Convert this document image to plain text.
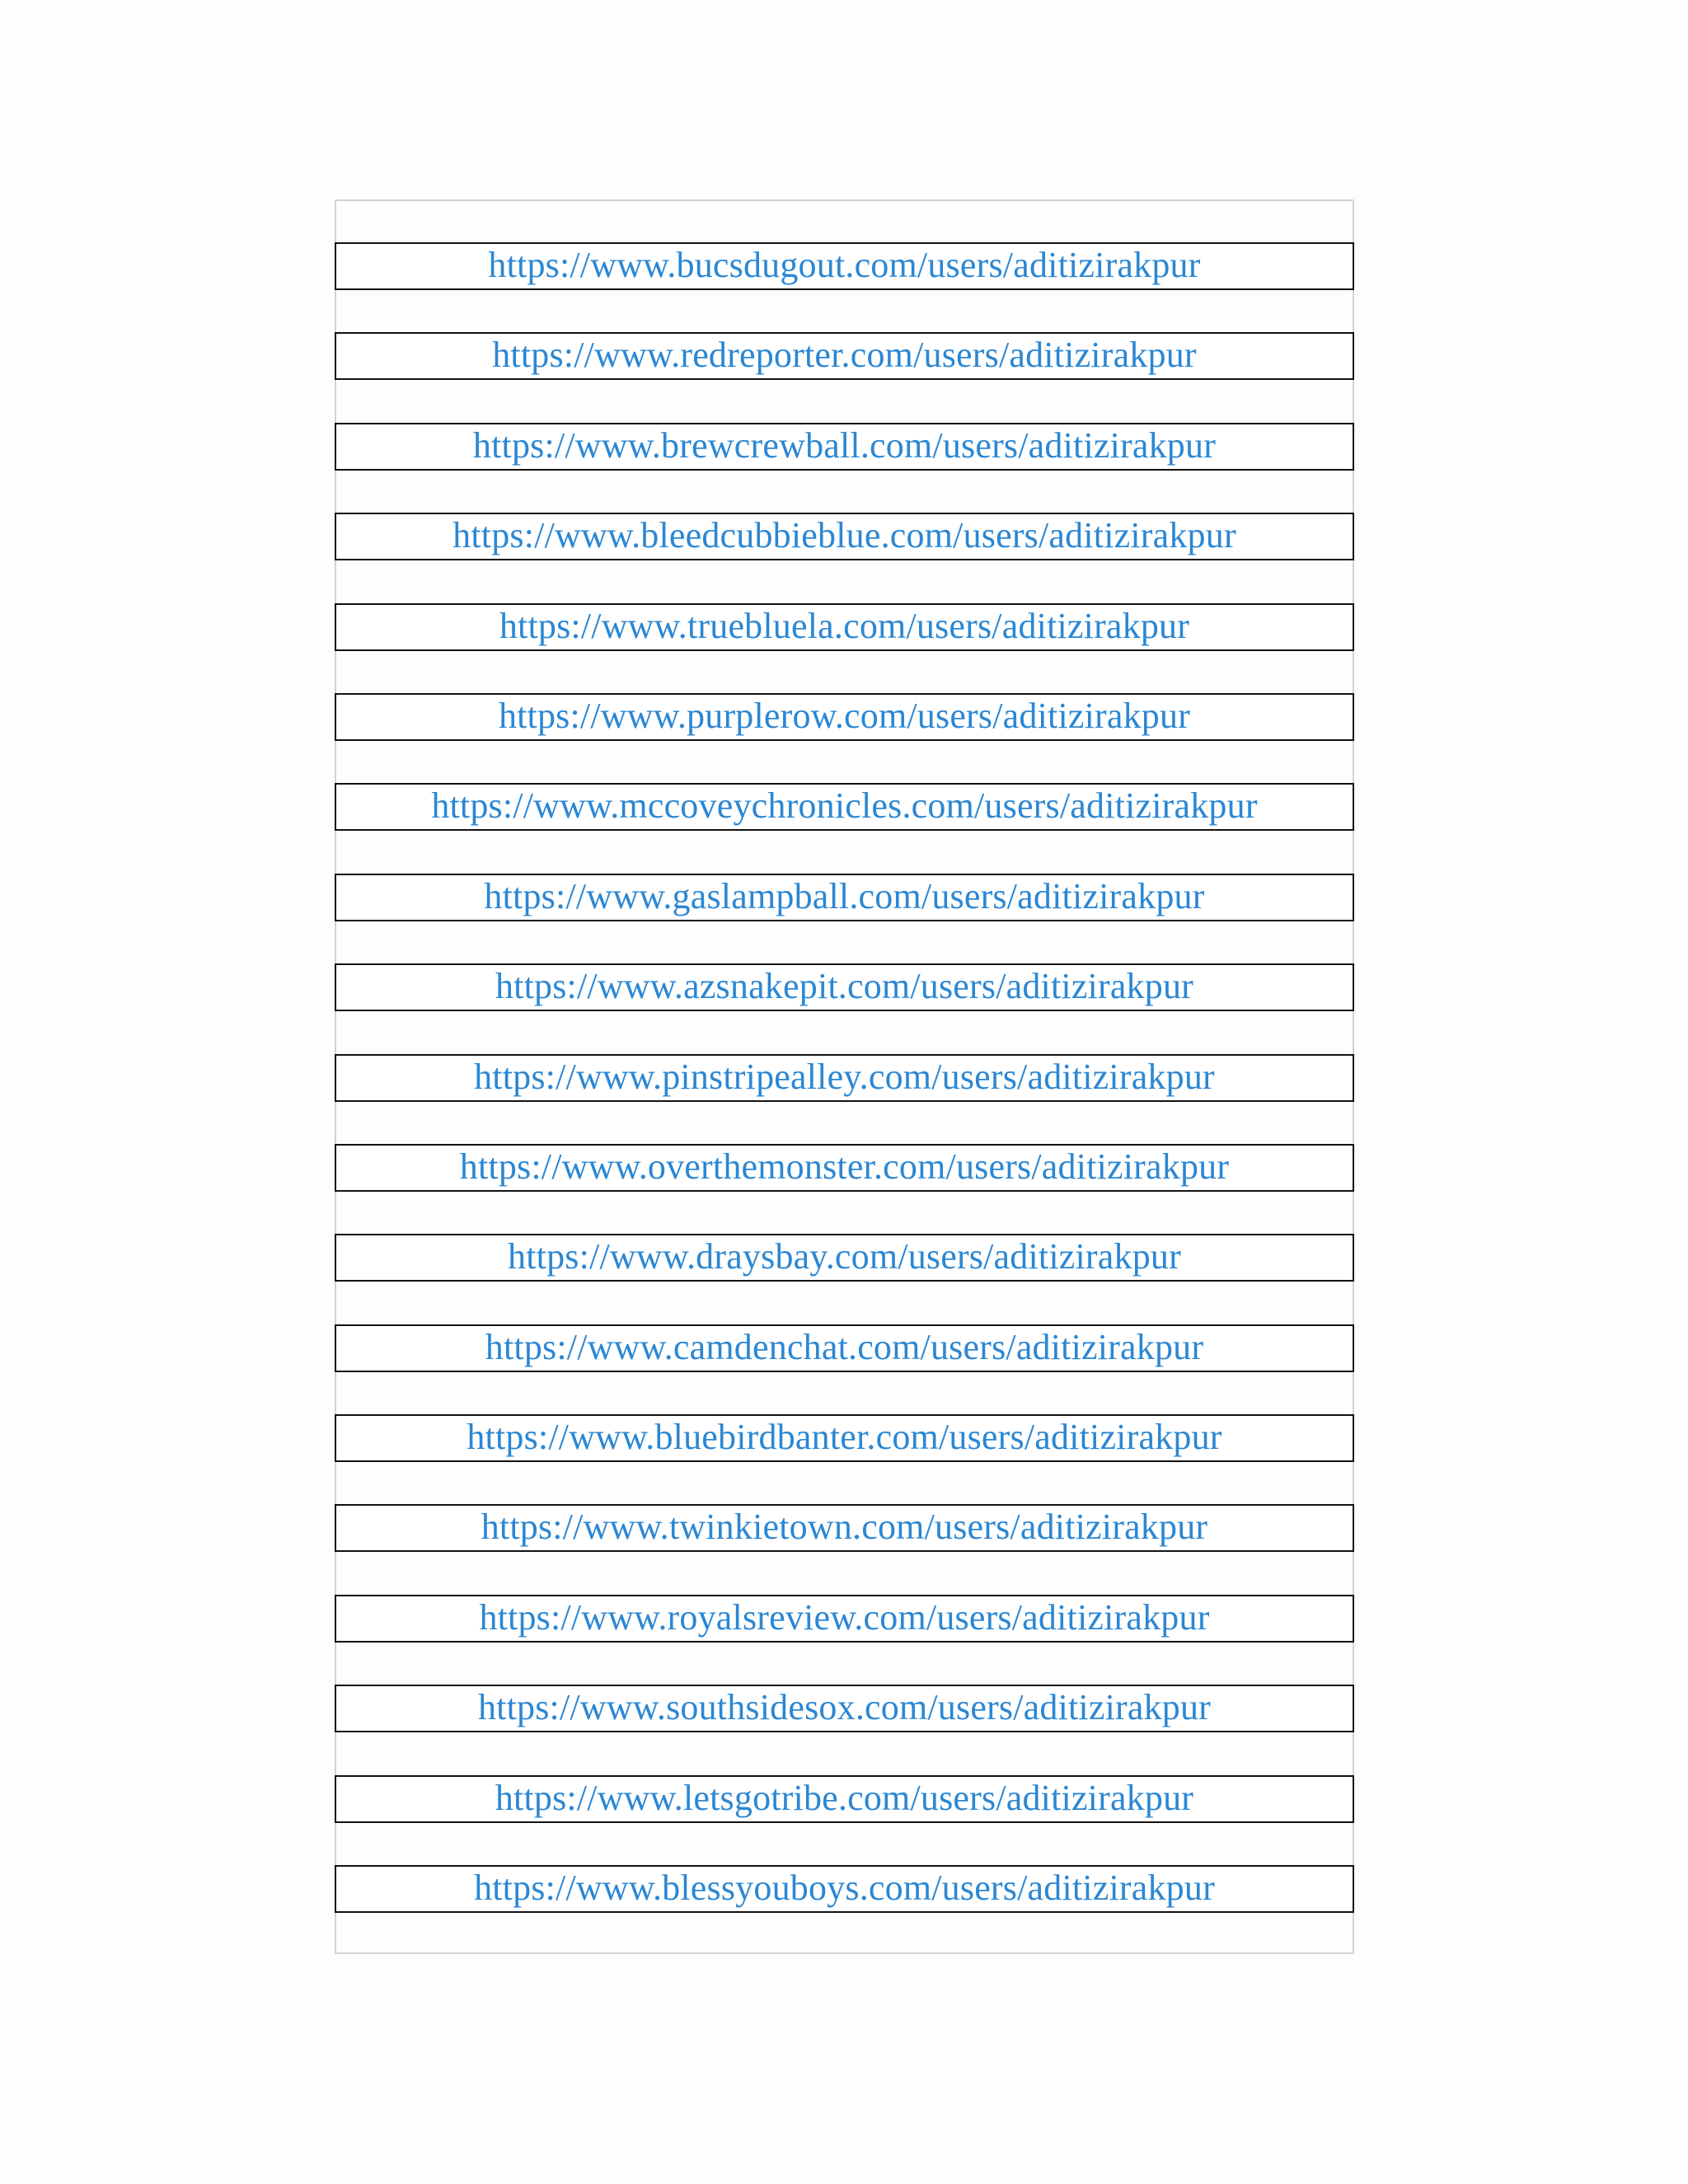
https://www.bucsdugout.com/users/aditizirakpur
https://www.redreporter.com/users/aditizirakpur
https://www.brewcrewball.com/users/aditizirakpur
https://www.bleedcubbieblue.com/users/aditizirakpur
https://www.truebluela.com/users/aditizirakpur
https://www.purplerow.com/users/aditizirakpur
https://www.mccoveychronicles.com/users/aditizirakpur
https://www.gaslampball.com/users/aditizirakpur
https://www.azsnakepit.com/users/aditizirakpur
https://www.pinstripealley.com/users/aditizirakpur
https://www.overthemonster.com/users/aditizirakpur
https://www.draysbay.com/users/aditizirakpur
https://www.camdenchat.com/users/aditizirakpur
https://www.bluebirdbanter.com/users/aditizirakpur
https://www.twinkietown.com/users/aditizirakpur
https://www.royalsreview.com/users/aditizirakpur
https://www.southsidesox.com/users/aditizirakpur
https://www.letsgotribe.com/users/aditizirakpur
https://www.blessyouboys.com/users/aditizirakpur
